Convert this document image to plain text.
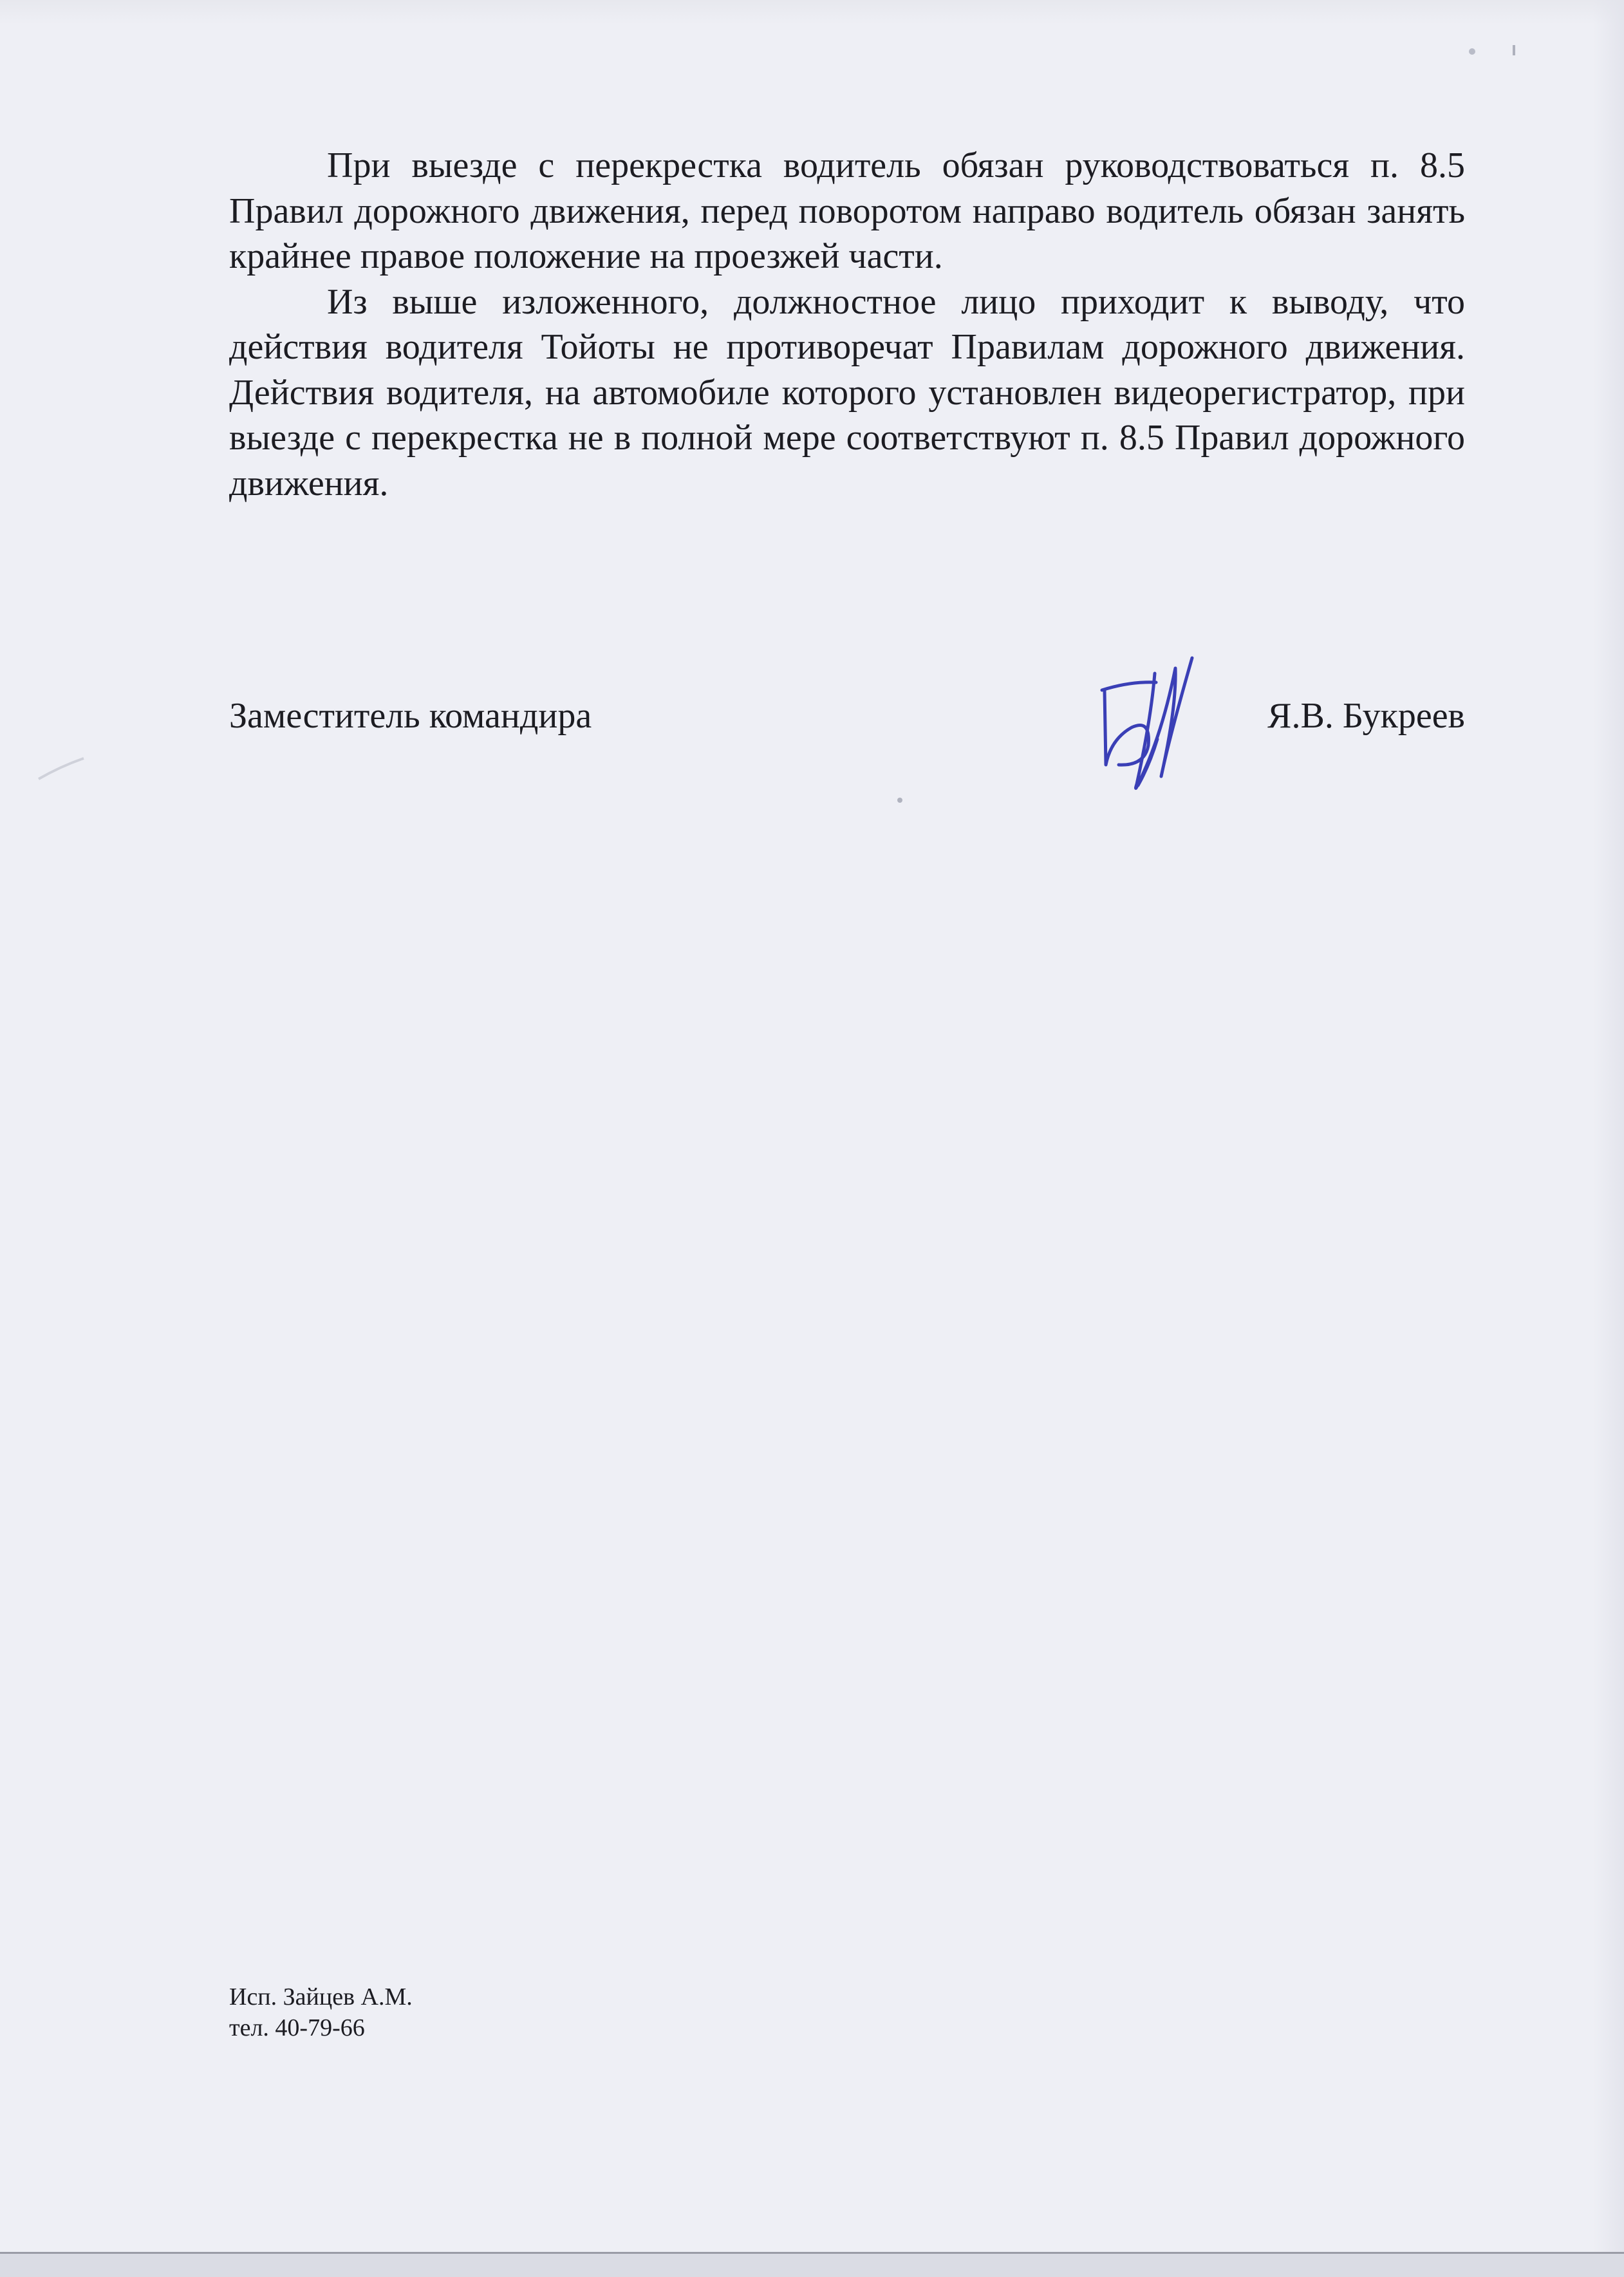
При выезде с перекрестка водитель обязан руководствоваться п. 8.5 Правил дорожного движения, перед поворотом направо водитель обязан занять крайнее правое положение на проезжей части.

Из выше изложенного, должностное лицо приходит к выводу, что действия водителя Тойоты не противоречат Правилам дорожного движения. Действия водителя, на автомобиле которого установлен видеорегистратор, при выезде с перекрестка не в полной мере соответствуют п. 8.5 Правил дорожного движения.

Заместитель командира	Я.В. Букреев
Исп. Зайцев А.М.
тел. 40-79-66
